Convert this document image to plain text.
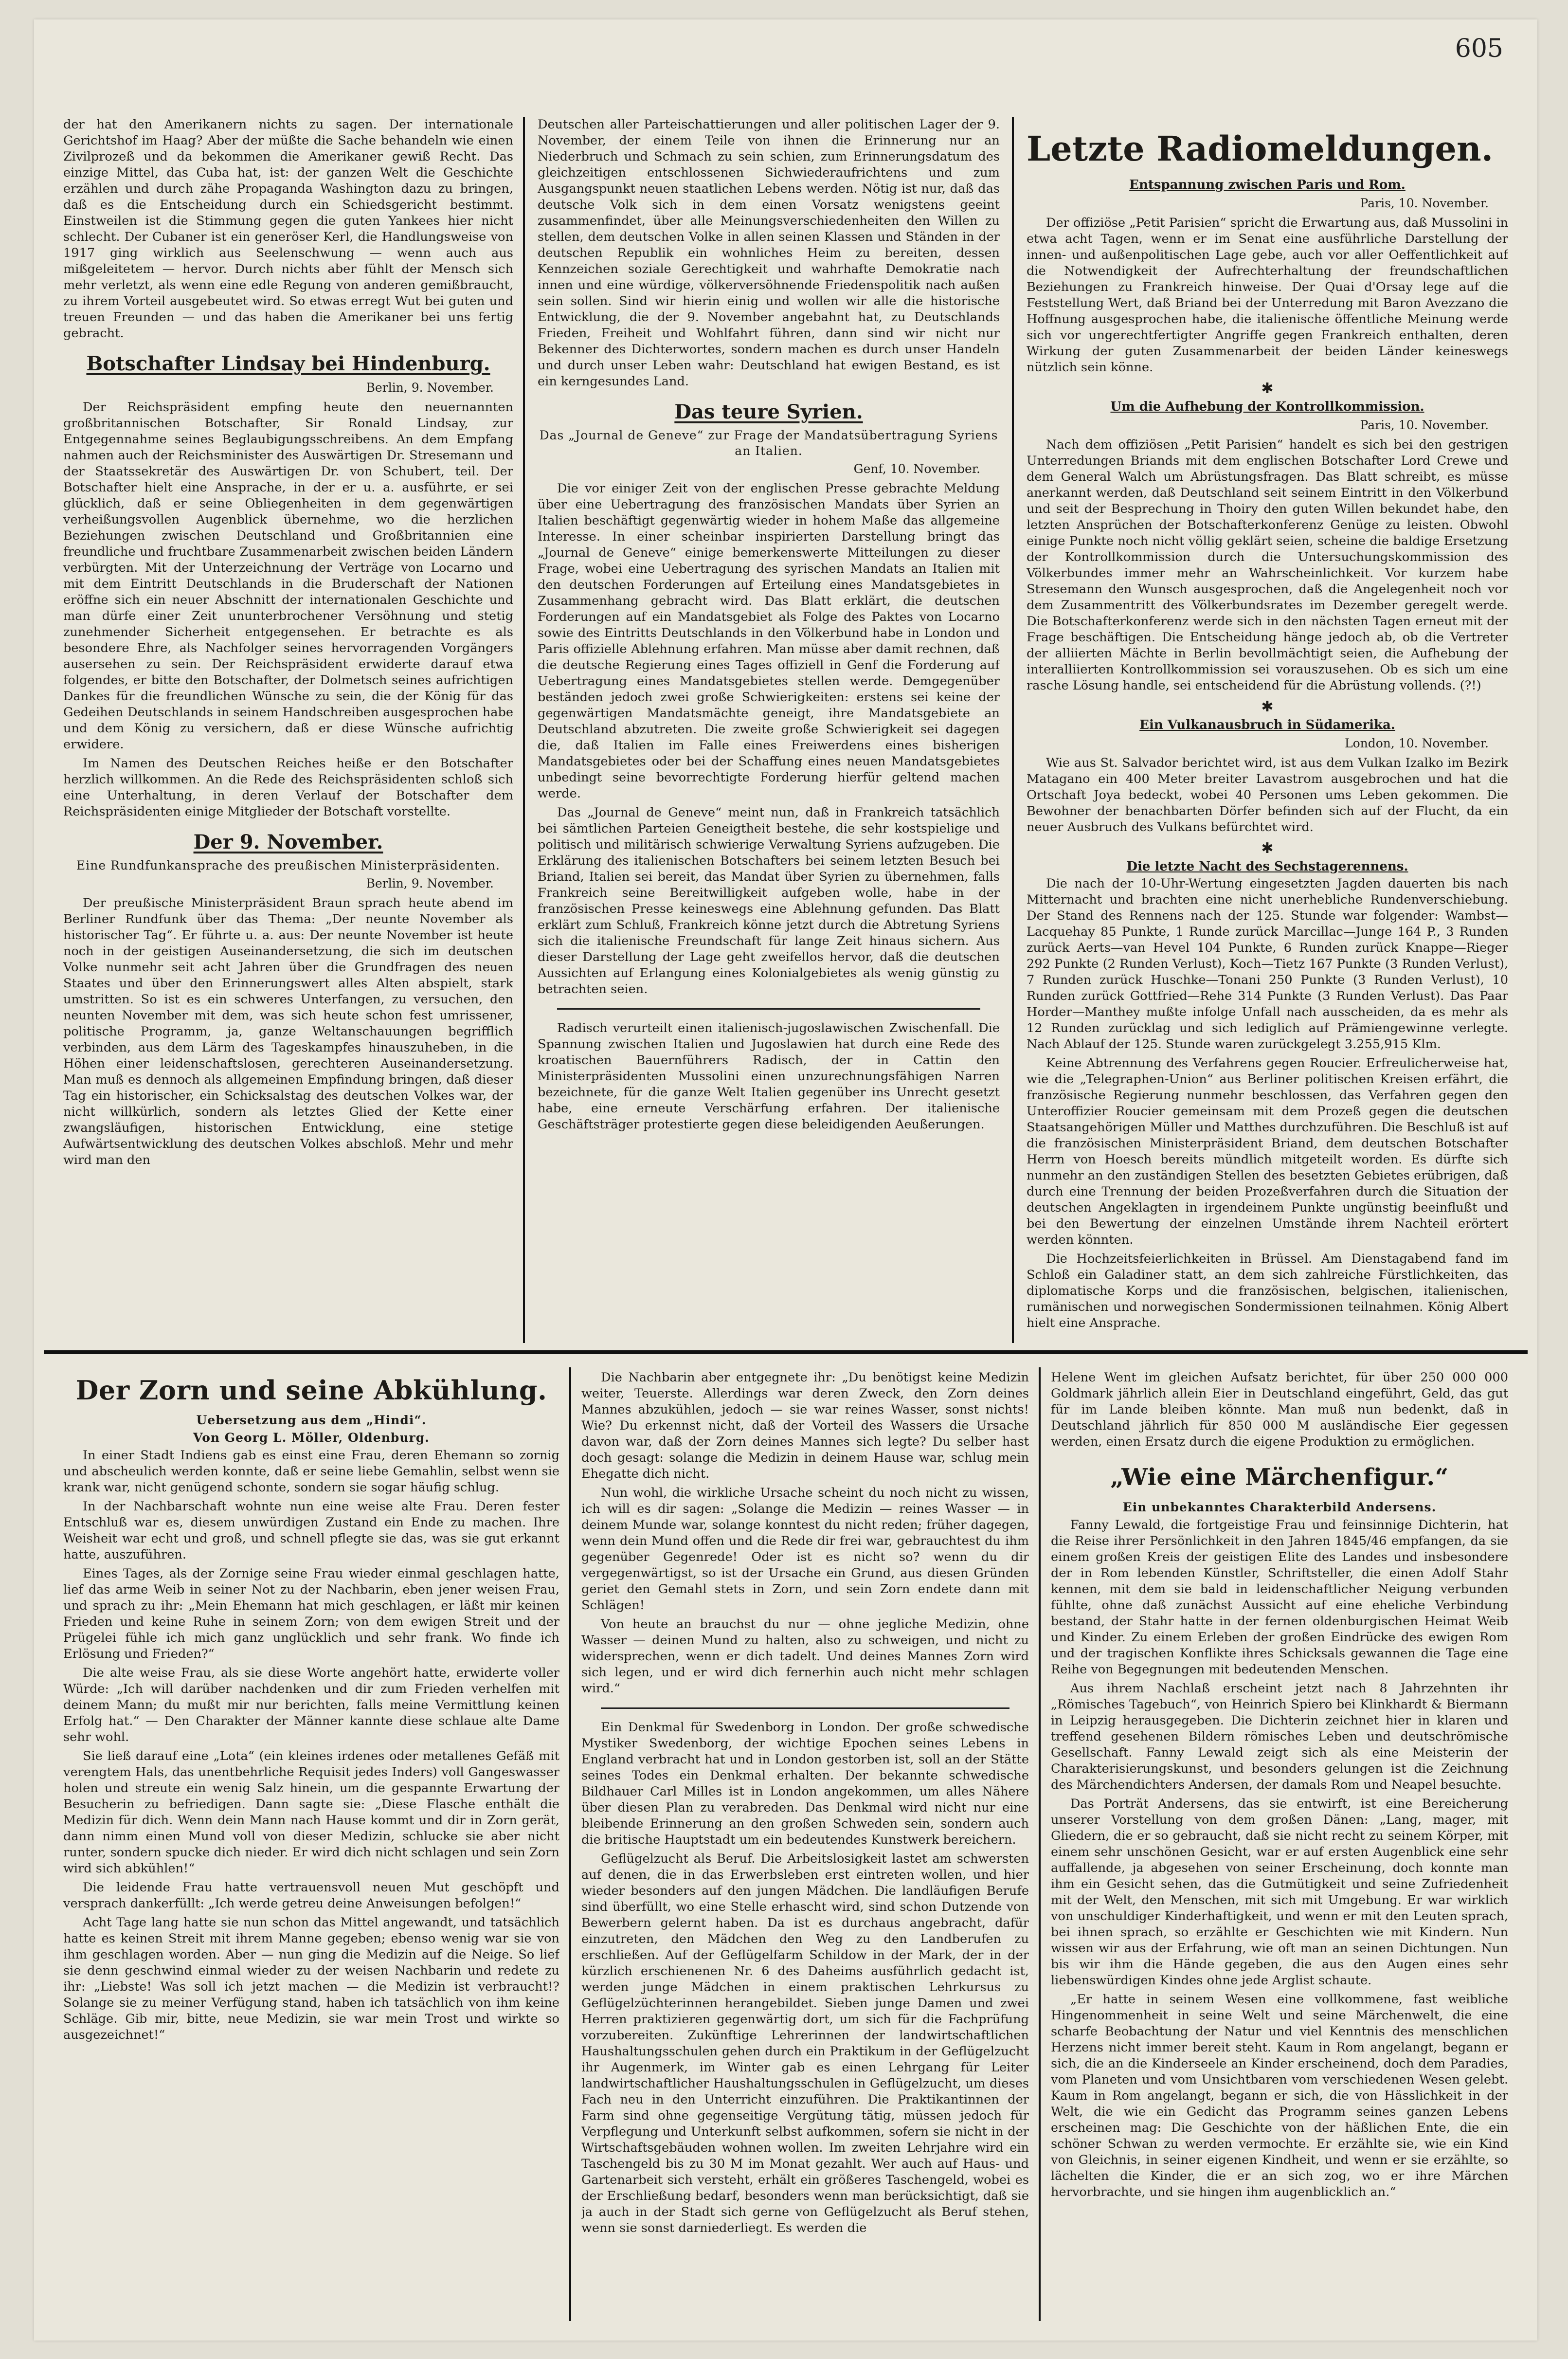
605

der hat den Amerikanern nichts zu sagen. Der internationale Gerichtshof im Haag? Aber der müßte die Sache behandeln wie einen Zivilprozeß und da bekommen die Amerikaner gewiß Recht. Das einzige Mittel, das Cuba hat, ist: der ganzen Welt die Geschichte erzählen und durch zähe Propaganda Washington dazu zu bringen, daß es die Entscheidung durch ein Schiedsgericht bestimmt. Einstweilen ist die Stimmung gegen die guten Yankees hier nicht schlecht. Der Cubaner ist ein generöser Kerl, die Handlungsweise von 1917 ging wirklich aus Seelenschwung — wenn auch aus mißgeleitetem — hervor. Durch nichts aber fühlt der Mensch sich mehr verletzt, als wenn eine edle Regung von anderen gemißbraucht, zu ihrem Vorteil ausgebeutet wird. So etwas erregt Wut bei guten und treuen Freunden — und das haben die Amerikaner bei uns fertig gebracht.

Botschafter Lindsay bei Hindenburg.
Berlin, 9. November.

Der Reichspräsident empfing heute den neuernannten großbritannischen Botschafter, Sir Ronald Lindsay, zur Entgegennahme seines Beglaubigungsschreibens. An dem Empfang nahmen auch der Reichsminister des Auswärtigen Dr. Stresemann und der Staatssekretär des Auswärtigen Dr. von Schubert, teil. Der Botschafter hielt eine Ansprache, in der er u. a. ausführte, er sei glücklich, daß er seine Obliegenheiten in dem gegenwärtigen verheißungsvollen Augenblick übernehme, wo die herzlichen Beziehungen zwischen Deutschland und Großbritannien eine freundliche und fruchtbare Zusammenarbeit zwischen beiden Ländern verbürgten. Mit der Unterzeichnung der Verträge von Locarno und mit dem Eintritt Deutschlands in die Bruderschaft der Nationen eröffne sich ein neuer Abschnitt der internationalen Geschichte und man dürfe einer Zeit ununterbrochener Versöhnung und stetig zunehmender Sicherheit entgegensehen. Er betrachte es als besondere Ehre, als Nachfolger seines hervorragenden Vorgängers ausersehen zu sein. Der Reichspräsident erwiderte darauf etwa folgendes, er bitte den Botschafter, der Dolmetsch seines aufrichtigen Dankes für die freundlichen Wünsche zu sein, die der König für das Gedeihen Deutschlands in seinem Handschreiben ausgesprochen habe und dem König zu versichern, daß er diese Wünsche aufrichtig erwidere.

Im Namen des Deutschen Reiches heiße er den Botschafter herzlich willkommen. An die Rede des Reichspräsidenten schloß sich eine Unterhaltung, in deren Verlauf der Botschafter dem Reichspräsidenten einige Mitglieder der Botschaft vorstellte.

Der 9. November.
Eine Rundfunkansprache des preußischen Ministerpräsidenten.
Berlin, 9. November.

Der preußische Ministerpräsident Braun sprach heute abend im Berliner Rundfunk über das Thema: „Der neunte November als historischer Tag“. Er führte u. a. aus: Der neunte November ist heute noch in der geistigen Auseinandersetzung, die sich im deutschen Volke nunmehr seit acht Jahren über die Grundfragen des neuen Staates und über den Erinnerungswert alles Alten abspielt, stark umstritten. So ist es ein schweres Unterfangen, zu versuchen, den neunten November mit dem, was sich heute schon fest umrissener, politische Programm, ja, ganze Weltanschauungen begrifflich verbinden, aus dem Lärm des Tageskampfes hinauszuheben, in die Höhen einer leidenschaftslosen, gerechteren Auseinandersetzung. Man muß es dennoch als allgemeinen Empfindung bringen, daß dieser Tag ein historischer, ein Schicksalstag des deutschen Volkes war, der nicht willkürlich, sondern als letztes Glied der Kette einer zwangsläufigen, historischen Entwicklung, eine stetige Aufwärtsentwicklung des deutschen Volkes abschloß. Mehr und mehr wird man den

Deutschen aller Parteischattierungen und aller politischen Lager der 9. November, der einem Teile von ihnen die Erinnerung nur an Niederbruch und Schmach zu sein schien, zum Erinnerungsdatum des gleichzeitigen entschlossenen Sichwiederaufrichtens und zum Ausgangspunkt neuen staatlichen Lebens werden. Nötig ist nur, daß das deutsche Volk sich in dem einen Vorsatz wenigstens geeint zusammenfindet, über alle Meinungsverschiedenheiten den Willen zu stellen, dem deutschen Volke in allen seinen Klassen und Ständen in der deutschen Republik ein wohnliches Heim zu bereiten, dessen Kennzeichen soziale Gerechtigkeit und wahrhafte Demokratie nach innen und eine würdige, völkerversöhnende Friedenspolitik nach außen sein sollen. Sind wir hierin einig und wollen wir alle die historische Entwicklung, die der 9. November angebahnt hat, zu Deutschlands Frieden, Freiheit und Wohlfahrt führen, dann sind wir nicht nur Bekenner des Dichterwortes, sondern machen es durch unser Handeln und durch unser Leben wahr: Deutschland hat ewigen Bestand, es ist ein kerngesundes Land.

Das teure Syrien.
Das „Journal de Geneve“ zur Frage der Mandatsübertragung Syriens an Italien.
Genf, 10. November.

Die vor einiger Zeit von der englischen Presse gebrachte Meldung über eine Uebertragung des französischen Mandats über Syrien an Italien beschäftigt gegenwärtig wieder in hohem Maße das allgemeine Interesse. In einer scheinbar inspirierten Darstellung bringt das „Journal de Geneve“ einige bemerkenswerte Mitteilungen zu dieser Frage, wobei eine Uebertragung des syrischen Mandats an Italien mit den deutschen Forderungen auf Erteilung eines Mandatsgebietes in Zusammenhang gebracht wird. Das Blatt erklärt, die deutschen Forderungen auf ein Mandatsgebiet als Folge des Paktes von Locarno sowie des Eintritts Deutschlands in den Völkerbund habe in London und Paris offizielle Ablehnung erfahren. Man müsse aber damit rechnen, daß die deutsche Regierung eines Tages offiziell in Genf die Forderung auf Uebertragung eines Mandatsgebietes stellen werde. Demgegenüber beständen jedoch zwei große Schwierigkeiten: erstens sei keine der gegenwärtigen Mandatsmächte geneigt, ihre Mandatsgebiete an Deutschland abzutreten. Die zweite große Schwierigkeit sei dagegen die, daß Italien im Falle eines Freiwerdens eines bisherigen Mandatsgebietes oder bei der Schaffung eines neuen Mandatsgebietes unbedingt seine bevorrechtigte Forderung hierfür geltend machen werde.

Das „Journal de Geneve“ meint nun, daß in Frankreich tatsächlich bei sämtlichen Parteien Geneigtheit bestehe, die sehr kostspielige und politisch und militärisch schwierige Verwaltung Syriens aufzugeben. Die Erklärung des italienischen Botschafters bei seinem letzten Besuch bei Briand, Italien sei bereit, das Mandat über Syrien zu übernehmen, falls Frankreich seine Bereitwilligkeit aufgeben wolle, habe in der französischen Presse keineswegs eine Ablehnung gefunden. Das Blatt erklärt zum Schluß, Frankreich könne jetzt durch die Abtretung Syriens sich die italienische Freundschaft für lange Zeit hinaus sichern. Aus dieser Darstellung der Lage geht zweifellos hervor, daß die deutschen Aussichten auf Erlangung eines Kolonialgebietes als wenig günstig zu betrachten seien.

Radisch verurteilt einen italienisch-jugoslawischen Zwischenfall. Die Spannung zwischen Italien und Jugoslawien hat durch eine Rede des kroatischen Bauernführers Radisch, der in Cattin den Ministerpräsidenten Mussolini einen unzurechnungsfähigen Narren bezeichnete, für die ganze Welt Italien gegenüber ins Unrecht gesetzt habe, eine erneute Verschärfung erfahren. Der italienische Geschäftsträger protestierte gegen diese beleidigenden Aeußerungen.

Letzte Radiomeldungen.
Entspannung zwischen Paris und Rom.
Paris, 10. November.

Der offiziöse „Petit Parisien“ spricht die Erwartung aus, daß Mussolini in etwa acht Tagen, wenn er im Senat eine ausführliche Darstellung der innen- und außenpolitischen Lage gebe, auch vor aller Oeffentlichkeit auf die Notwendigkeit der Aufrechterhaltung der freundschaftlichen Beziehungen zu Frankreich hinweise. Der Quai d'Orsay lege auf die Feststellung Wert, daß Briand bei der Unterredung mit Baron Avezzano die Hoffnung ausgesprochen habe, die italienische öffentliche Meinung werde sich vor ungerechtfertigter Angriffe gegen Frankreich enthalten, deren Wirkung der guten Zusammenarbeit der beiden Länder keineswegs nützlich sein könne.

✱
Um die Aufhebung der Kontrollkommission.
Paris, 10. November.

Nach dem offiziösen „Petit Parisien“ handelt es sich bei den gestrigen Unterredungen Briands mit dem englischen Botschafter Lord Crewe und dem General Walch um Abrüstungsfragen. Das Blatt schreibt, es müsse anerkannt werden, daß Deutschland seit seinem Eintritt in den Völkerbund und seit der Besprechung in Thoiry den guten Willen bekundet habe, den letzten Ansprüchen der Botschafterkonferenz Genüge zu leisten. Obwohl einige Punkte noch nicht völlig geklärt seien, scheine die baldige Ersetzung der Kontrollkommission durch die Untersuchungskommission des Völkerbundes immer mehr an Wahrscheinlichkeit. Vor kurzem habe Stresemann den Wunsch ausgesprochen, daß die Angelegenheit noch vor dem Zusammentritt des Völkerbundsrates im Dezember geregelt werde. Die Botschafterkonferenz werde sich in den nächsten Tagen erneut mit der Frage beschäftigen. Die Entscheidung hänge jedoch ab, ob die Vertreter der alliierten Mächte in Berlin bevollmächtigt seien, die Aufhebung der interalliierten Kontrollkommission sei vorauszusehen. Ob es sich um eine rasche Lösung handle, sei entscheidend für die Abrüstung vollends. (?!)

✱
Ein Vulkanausbruch in Südamerika.
London, 10. November.

Wie aus St. Salvador berichtet wird, ist aus dem Vulkan Izalko im Bezirk Matagano ein 400 Meter breiter Lavastrom ausgebrochen und hat die Ortschaft Joya bedeckt, wobei 40 Personen ums Leben gekommen. Die Bewohner der benachbarten Dörfer befinden sich auf der Flucht, da ein neuer Ausbruch des Vulkans befürchtet wird.

✱
Die letzte Nacht des Sechstagerennens.

Die nach der 10-Uhr-Wertung eingesetzten Jagden dauerten bis nach Mitternacht und brachten eine nicht unerhebliche Rundenverschiebung. Der Stand des Rennens nach der 125. Stunde war folgender: Wambst—Lacquehay 85 Punkte, 1 Runde zurück Marcillac—Junge 164 P., 3 Runden zurück Aerts—van Hevel 104 Punkte, 6 Runden zurück Knappe—Rieger 292 Punkte (2 Runden Verlust), Koch—Tietz 167 Punkte (3 Runden Verlust), 7 Runden zurück Huschke—Tonani 250 Punkte (3 Runden Verlust), 10 Runden zurück Gottfried—Rehe 314 Punkte (3 Runden Verlust). Das Paar Horder—Manthey mußte infolge Unfall nach ausscheiden, da es mehr als 12 Runden zurücklag und sich lediglich auf Prämiengewinne verlegte. Nach Ablauf der 125. Stunde waren zurückgelegt 3.255,915 Klm.

Keine Abtrennung des Verfahrens gegen Roucier. Erfreulicherweise hat, wie die „Telegraphen-Union“ aus Berliner politischen Kreisen erfährt, die französische Regierung nunmehr beschlossen, das Verfahren gegen den Unteroffizier Roucier gemeinsam mit dem Prozeß gegen die deutschen Staatsangehörigen Müller und Matthes durchzuführen. Die Beschluß ist auf die französischen Ministerpräsident Briand, dem deutschen Botschafter Herrn von Hoesch bereits mündlich mitgeteilt worden. Es dürfte sich nunmehr an den zuständigen Stellen des besetzten Gebietes erübrigen, daß durch eine Trennung der beiden Prozeßverfahren durch die Situation der deutschen Angeklagten in irgendeinem Punkte ungünstig beeinflußt und bei den Bewertung der einzelnen Umstände ihrem Nachteil erörtert werden könnten.

Die Hochzeitsfeierlichkeiten in Brüssel. Am Dienstagabend fand im Schloß ein Galadiner statt, an dem sich zahlreiche Fürstlichkeiten, das diplomatische Korps und die französischen, belgischen, italienischen, rumänischen und norwegischen Sondermissionen teilnahmen. König Albert hielt eine Ansprache.

Der Zorn und seine Abkühlung.
Uebersetzung aus dem „Hindi“.
Von Georg L. Möller, Oldenburg.

In einer Stadt Indiens gab es einst eine Frau, deren Ehemann so zornig und abscheulich werden konnte, daß er seine liebe Gemahlin, selbst wenn sie krank war, nicht genügend schonte, sondern sie sogar häufig schlug.

In der Nachbarschaft wohnte nun eine weise alte Frau. Deren fester Entschluß war es, diesem unwürdigen Zustand ein Ende zu machen. Ihre Weisheit war echt und groß, und schnell pflegte sie das, was sie gut erkannt hatte, auszuführen.

Eines Tages, als der Zornige seine Frau wieder einmal geschlagen hatte, lief das arme Weib in seiner Not zu der Nachbarin, eben jener weisen Frau, und sprach zu ihr: „Mein Ehemann hat mich geschlagen, er läßt mir keinen Frieden und keine Ruhe in seinem Zorn; von dem ewigen Streit und der Prügelei fühle ich mich ganz unglücklich und sehr frank. Wo finde ich Erlösung und Frieden?“

Die alte weise Frau, als sie diese Worte angehört hatte, erwiderte voller Würde: „Ich will darüber nachdenken und dir zum Frieden verhelfen mit deinem Mann; du mußt mir nur berichten, falls meine Vermittlung keinen Erfolg hat.“ — Den Charakter der Männer kannte diese schlaue alte Dame sehr wohl.

Sie ließ darauf eine „Lota“ (ein kleines irdenes oder metallenes Gefäß mit verengtem Hals, das unentbehrliche Requisit jedes Inders) voll Gangeswasser holen und streute ein wenig Salz hinein, um die gespannte Erwartung der Besucherin zu befriedigen. Dann sagte sie: „Diese Flasche enthält die Medizin für dich. Wenn dein Mann nach Hause kommt und dir in Zorn gerät, dann nimm einen Mund voll von dieser Medizin, schlucke sie aber nicht runter, sondern spucke dich nieder. Er wird dich nicht schlagen und sein Zorn wird sich abkühlen!“

Die leidende Frau hatte vertrauensvoll neuen Mut geschöpft und versprach dankerfüllt: „Ich werde getreu deine Anweisungen befolgen!“

Acht Tage lang hatte sie nun schon das Mittel angewandt, und tatsächlich hatte es keinen Streit mit ihrem Manne gegeben; ebenso wenig war sie von ihm geschlagen worden. Aber — nun ging die Medizin auf die Neige. So lief sie denn geschwind einmal wieder zu der weisen Nachbarin und redete zu ihr: „Liebste! Was soll ich jetzt machen — die Medizin ist verbraucht!? Solange sie zu meiner Verfügung stand, haben ich tatsächlich von ihm keine Schläge. Gib mir, bitte, neue Medizin, sie war mein Trost und wirkte so ausgezeichnet!“

Die Nachbarin aber entgegnete ihr: „Du benötigst keine Medizin weiter, Teuerste. Allerdings war deren Zweck, den Zorn deines Mannes abzukühlen, jedoch — sie war reines Wasser, sonst nichts! Wie? Du erkennst nicht, daß der Vorteil des Wassers die Ursache davon war, daß der Zorn deines Mannes sich legte? Du selber hast doch gesagt: solange die Medizin in deinem Hause war, schlug mein Ehegatte dich nicht.

Nun wohl, die wirkliche Ursache scheint du noch nicht zu wissen, ich will es dir sagen: „Solange die Medizin — reines Wasser — in deinem Munde war, solange konntest du nicht reden; früher dagegen, wenn dein Mund offen und die Rede dir frei war, gebrauchtest du ihm gegenüber Gegenrede! Oder ist es nicht so? wenn du dir vergegenwärtigst, so ist der Ursache ein Grund, aus diesen Gründen geriet den Gemahl stets in Zorn, und sein Zorn endete dann mit Schlägen!

Von heute an brauchst du nur — ohne jegliche Medizin, ohne Wasser — deinen Mund zu halten, also zu schweigen, und nicht zu widersprechen, wenn er dich tadelt. Und deines Mannes Zorn wird sich legen, und er wird dich fernerhin auch nicht mehr schlagen wird.“

Ein Denkmal für Swedenborg in London. Der große schwedische Mystiker Swedenborg, der wichtige Epochen seines Lebens in England verbracht hat und in London gestorben ist, soll an der Stätte seines Todes ein Denkmal erhalten. Der bekannte schwedische Bildhauer Carl Milles ist in London angekommen, um alles Nähere über diesen Plan zu verabreden. Das Denkmal wird nicht nur eine bleibende Erinnerung an den großen Schweden sein, sondern auch die britische Hauptstadt um ein bedeutendes Kunstwerk bereichern.

Geflügelzucht als Beruf. Die Arbeitslosigkeit lastet am schwersten auf denen, die in das Erwerbsleben erst eintreten wollen, und hier wieder besonders auf den jungen Mädchen. Die landläufigen Berufe sind überfüllt, wo eine Stelle erhascht wird, sind schon Dutzende von Bewerbern gelernt haben. Da ist es durchaus angebracht, dafür einzutreten, den Mädchen den Weg zu den Landberufen zu erschließen. Auf der Geflügelfarm Schildow in der Mark, der in der kürzlich erschienenen Nr. 6 des Daheims ausführlich gedacht ist, werden junge Mädchen in einem praktischen Lehrkursus zu Geflügelzüchterinnen herangebildet. Sieben junge Damen und zwei Herren praktizieren gegenwärtig dort, um sich für die Fachprüfung vorzubereiten. Zukünftige Lehrerinnen der landwirtschaftlichen Haushaltungsschulen gehen durch ein Praktikum in der Geflügelzucht ihr Augenmerk, im Winter gab es einen Lehrgang für Leiter landwirtschaftlicher Haushaltungsschulen in Geflügelzucht, um dieses Fach neu in den Unterricht einzuführen. Die Praktikantinnen der Farm sind ohne gegenseitige Vergütung tätig, müssen jedoch für Verpflegung und Unterkunft selbst aufkommen, sofern sie nicht in der Wirtschaftsgebäuden wohnen wollen. Im zweiten Lehrjahre wird ein Taschengeld bis zu 30 M im Monat gezahlt. Wer auch auf Haus- und Gartenarbeit sich versteht, erhält ein größeres Taschengeld, wobei es der Erschließung bedarf, besonders wenn man berücksichtigt, daß sie ja auch in der Stadt sich gerne von Geflügelzucht als Beruf stehen, wenn sie sonst darniederliegt. Es werden die

Helene Went im gleichen Aufsatz berichtet, für über 250 000 000 Goldmark jährlich allein Eier in Deutschland eingeführt, Geld, das gut für im Lande bleiben könnte. Man muß nun bedenkt, daß in Deutschland jährlich für 850 000 M ausländische Eier gegessen werden, einen Ersatz durch die eigene Produktion zu ermöglichen.

„Wie eine Märchenfigur.“
Ein unbekanntes Charakterbild Andersens.

Fanny Lewald, die fortgeistige Frau und feinsinnige Dichterin, hat die Reise ihrer Persönlichkeit in den Jahren 1845/46 empfangen, da sie einem großen Kreis der geistigen Elite des Landes und insbesondere der in Rom lebenden Künstler, Schriftsteller, die einen Adolf Stahr kennen, mit dem sie bald in leidenschaftlicher Neigung verbunden fühlte, ohne daß zunächst Aussicht auf eine eheliche Verbindung bestand, der Stahr hatte in der fernen oldenburgischen Heimat Weib und Kinder. Zu einem Erleben der großen Eindrücke des ewigen Rom und der tragischen Konflikte ihres Schicksals gewannen die Tage eine Reihe von Begegnungen mit bedeutenden Menschen.

Aus ihrem Nachlaß erscheint jetzt nach 8 Jahrzehnten ihr „Römisches Tagebuch“, von Heinrich Spiero bei Klinkhardt & Biermann in Leipzig herausgegeben. Die Dichterin zeichnet hier in klaren und treffend gesehenen Bildern römisches Leben und deutschrömische Gesellschaft. Fanny Lewald zeigt sich als eine Meisterin der Charakterisierungskunst, und besonders gelungen ist die Zeichnung des Märchendichters Andersen, der damals Rom und Neapel besuchte.

Das Porträt Andersens, das sie entwirft, ist eine Bereicherung unserer Vorstellung von dem großen Dänen: „Lang, mager, mit Gliedern, die er so gebraucht, daß sie nicht recht zu seinem Körper, mit einem sehr unschönen Gesicht, war er auf ersten Augenblick eine sehr auffallende, ja abgesehen von seiner Erscheinung, doch konnte man ihm ein Gesicht sehen, das die Gutmütigkeit und seine Zufriedenheit mit der Welt, den Menschen, mit sich mit Umgebung. Er war wirklich von unschuldiger Kinderhaftigkeit, und wenn er mit den Leuten sprach, bei ihnen sprach, so erzählte er Geschichten wie mit Kindern. Nun wissen wir aus der Erfahrung, wie oft man an seinen Dichtungen. Nun bis wir ihm die Hände gegeben, die aus den Augen eines sehr liebenswürdigen Kindes ohne jede Arglist schaute.

„Er hatte in seinem Wesen eine vollkommene, fast weibliche Hingenommenheit in seine Welt und seine Märchenwelt, die eine scharfe Beobachtung der Natur und viel Kenntnis des menschlichen Herzens nicht immer bereit steht. Kaum in Rom angelangt, begann er sich, die an die Kinderseele an Kinder erscheinend, doch dem Paradies, vom Planeten und vom Unsichtbaren vom verschiedenen Wesen gelebt. Kaum in Rom angelangt, begann er sich, die von Hässlichkeit in der Welt, die wie ein Gedicht das Programm seines ganzen Lebens erscheinen mag: Die Geschichte von der häßlichen Ente, die ein schöner Schwan zu werden vermochte. Er erzählte sie, wie ein Kind von Gleichnis, in seiner eigenen Kindheit, und wenn er sie erzählte, so lächelten die Kinder, die er an sich zog, wo er ihre Märchen hervorbrachte, und sie hingen ihm augenblicklich an.“
